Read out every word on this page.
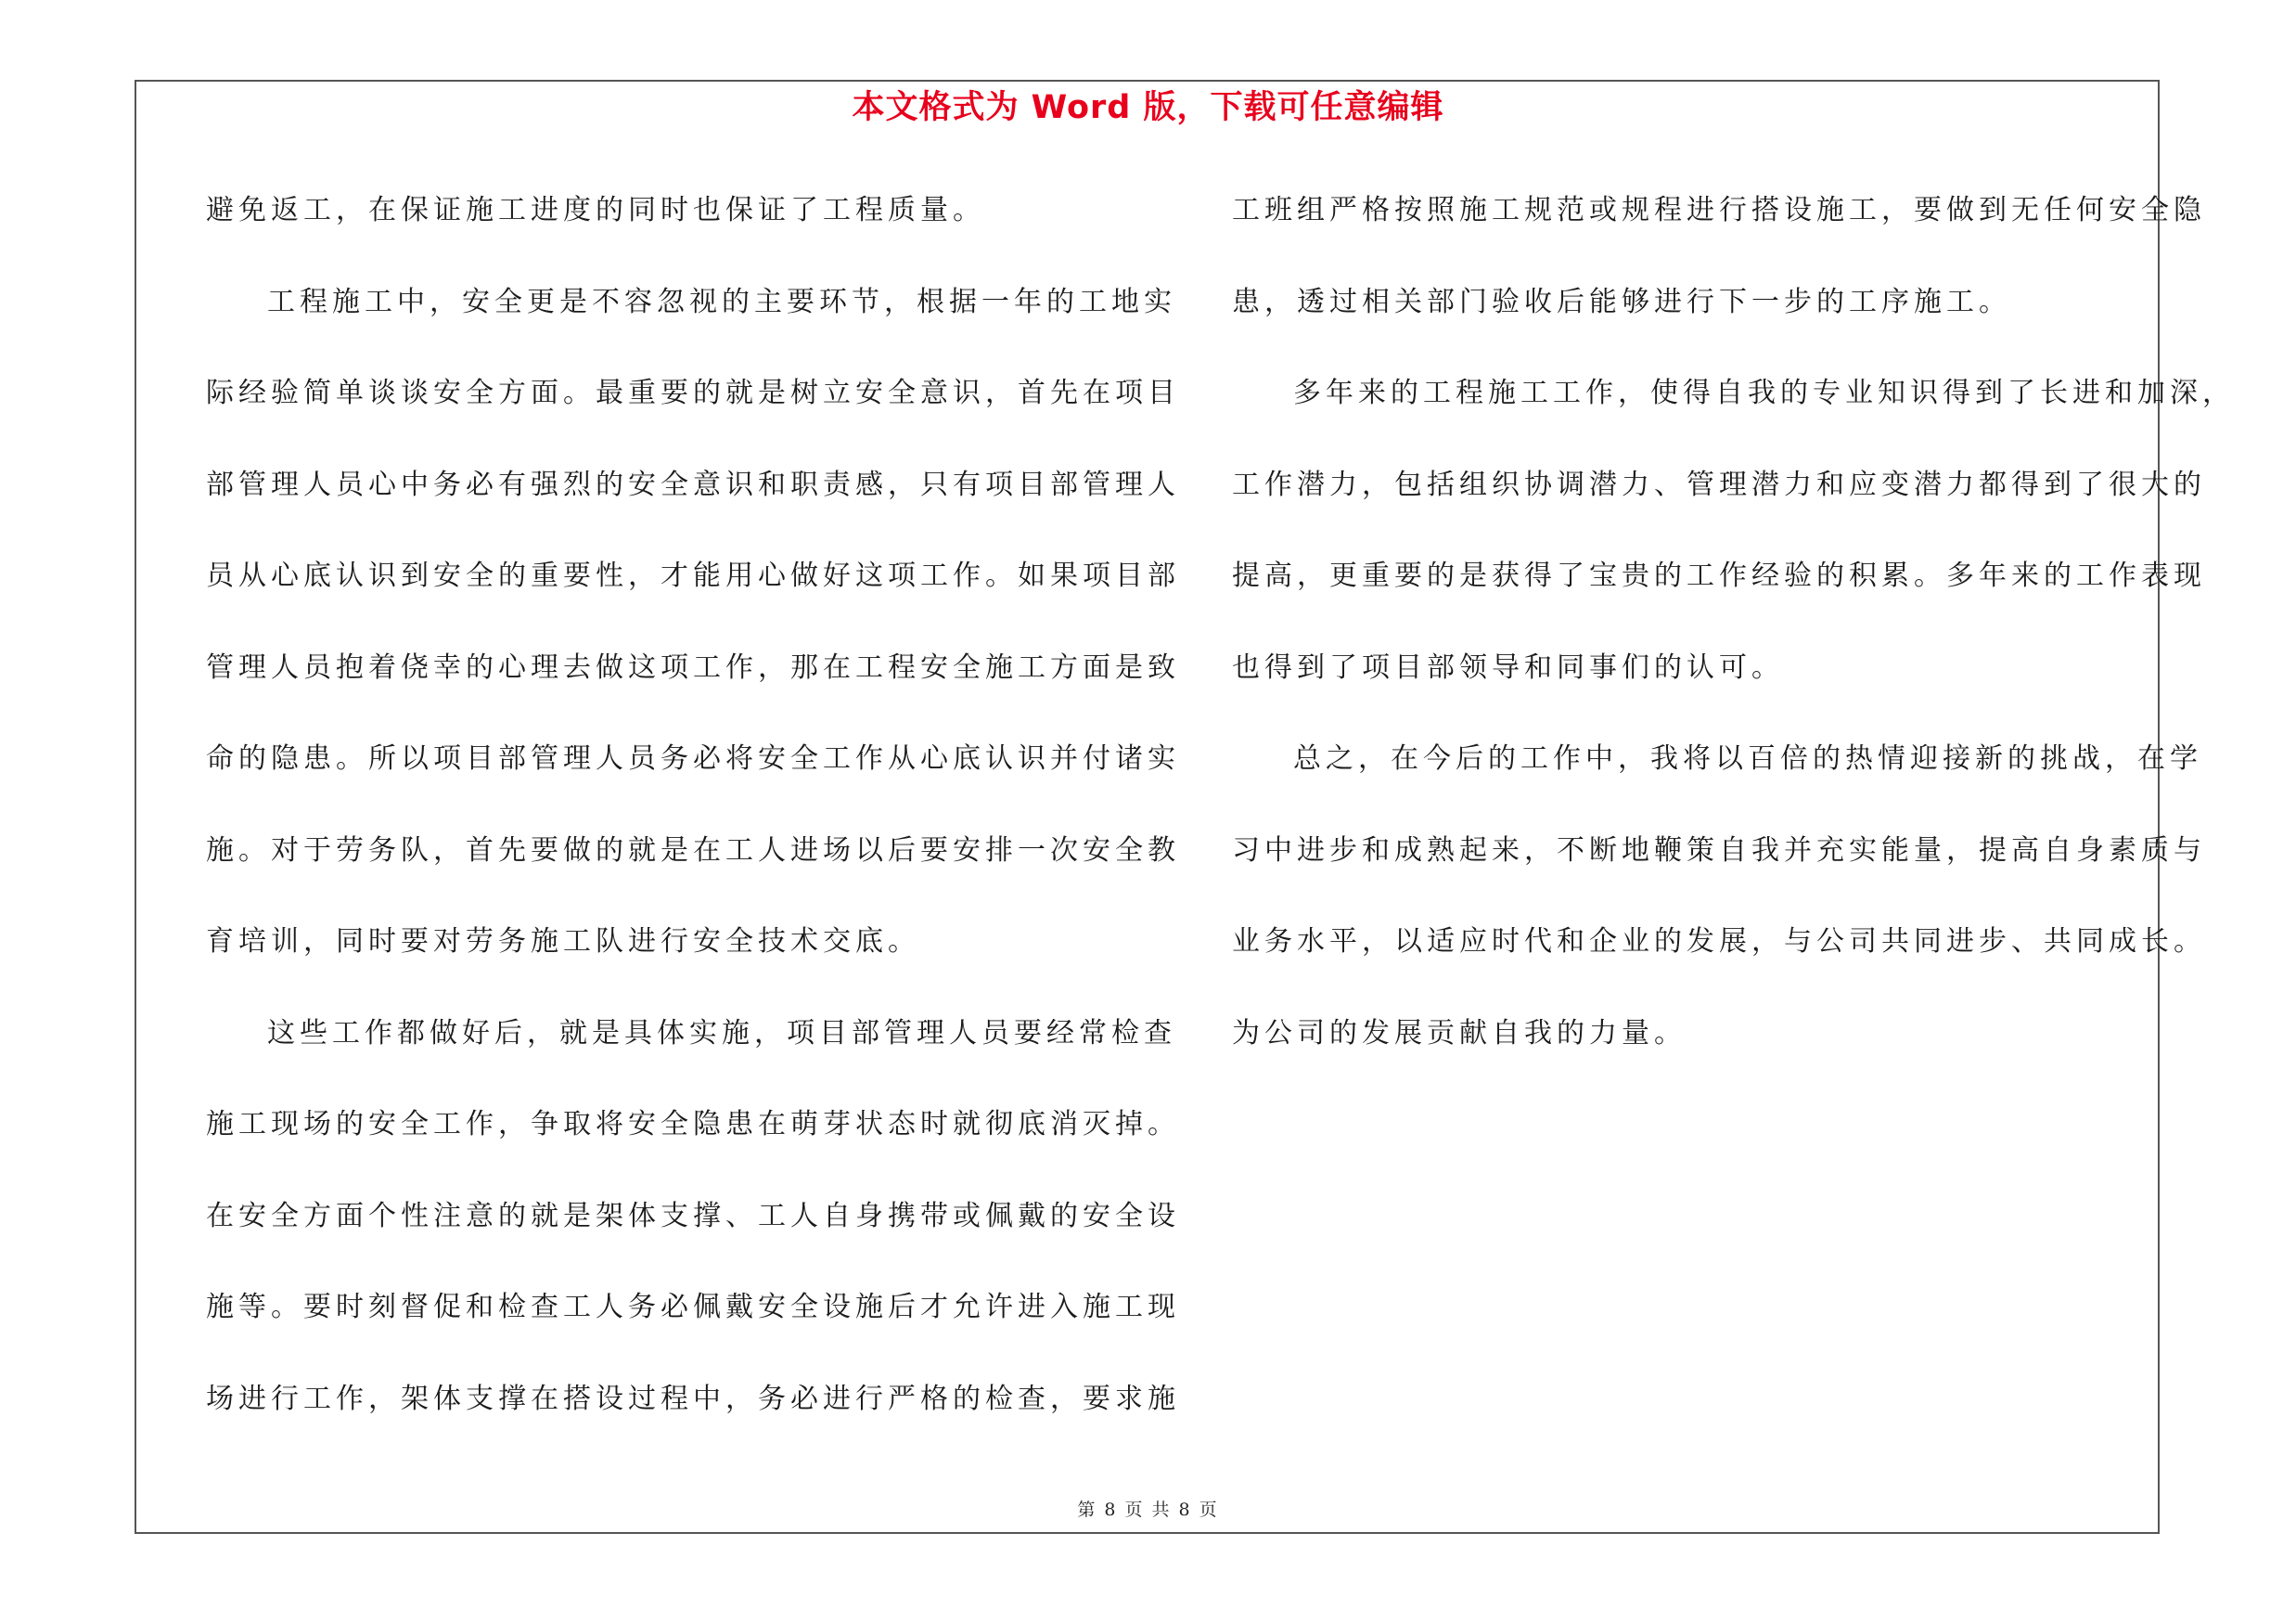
本文格式为 Word 版，下载可任意编辑
避免返工，在保证施工进度的同时也保证了工程质量。
工程施工中，安全更是不容忽视的主要环节，根据一年的工地实
际经验简单谈谈安全方面。最重要的就是树立安全意识，首先在项目
部管理人员心中务必有强烈的安全意识和职责感，只有项目部管理人
员从心底认识到安全的重要性，才能用心做好这项工作。如果项目部
管理人员抱着侥幸的心理去做这项工作，那在工程安全施工方面是致
命的隐患。所以项目部管理人员务必将安全工作从心底认识并付诸实
施。对于劳务队，首先要做的就是在工人进场以后要安排一次安全教
育培训，同时要对劳务施工队进行安全技术交底。
这些工作都做好后，就是具体实施，项目部管理人员要经常检查
施工现场的安全工作，争取将安全隐患在萌芽状态时就彻底消灭掉。
在安全方面个性注意的就是架体支撑、工人自身携带或佩戴的安全设
施等。要时刻督促和检查工人务必佩戴安全设施后才允许进入施工现
场进行工作，架体支撑在搭设过程中，务必进行严格的检查，要求施
工班组严格按照施工规范或规程进行搭设施工，要做到无任何安全隐
患，透过相关部门验收后能够进行下一步的工序施工。
多年来的工程施工工作，使得自我的专业知识得到了长进和加深，
工作潜力，包括组织协调潜力、管理潜力和应变潜力都得到了很大的
提高，更重要的是获得了宝贵的工作经验的积累。多年来的工作表现
也得到了项目部领导和同事们的认可。
总之，在今后的工作中，我将以百倍的热情迎接新的挑战，在学
习中进步和成熟起来，不断地鞭策自我并充实能量，提高自身素质与
业务水平，以适应时代和企业的发展，与公司共同进步、共同成长。
为公司的发展贡献自我的力量。
第 8 页 共 8 页
